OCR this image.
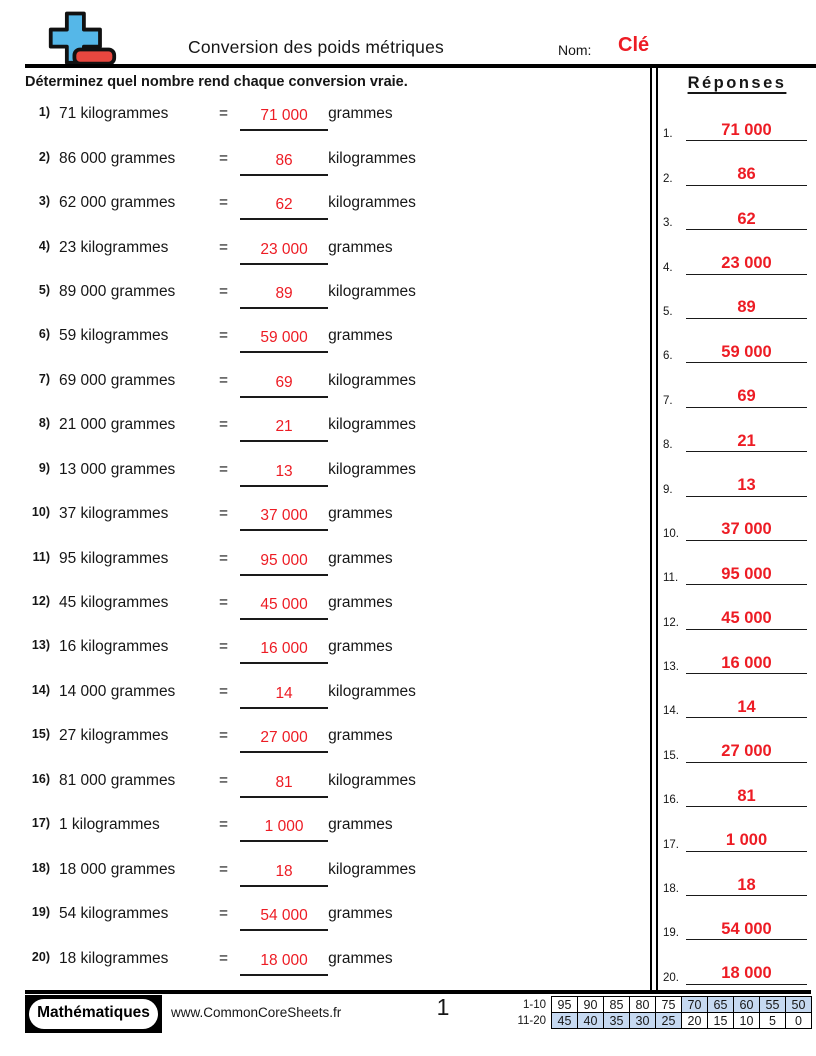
Conversion des poids métriques	Nom: Clé
Déterminez quel nombre rend chaque conversion vraie.
1) 71 kilogrammes	=	71 000	grammes
2) 86 000 grammes	=	86	kilogrammes
3) 62 000 grammes	=	62	kilogrammes
4) 23 kilogrammes	=	23 000	grammes
5) 89 000 grammes	=	89	kilogrammes
6) 59 kilogrammes	=	59 000	grammes
7) 69 000 grammes	=	69	kilogrammes
8) 21 000 grammes	=	21	kilogrammes
9) 13 000 grammes	=	13	kilogrammes
10) 37 kilogrammes	=	37 000	grammes
11) 95 kilogrammes	=	95 000	grammes
12) 45 kilogrammes	=	45 000	grammes
13) 16 kilogrammes	=	16 000	grammes
14) 14 000 grammes	=	14	kilogrammes
15) 27 kilogrammes	=	27 000	grammes
16) 81 000 grammes	=	81	kilogrammes
17) 1 kilogrammes	=	1 000	grammes
18) 18 000 grammes	=	18	kilogrammes
19) 54 kilogrammes	=	54 000	grammes
20) 18 kilogrammes	=	18 000	grammes
Réponses
1.	71 000
2.	86
3.	62
4.	23 000
5.	89
6.	59 000
7.	69
8.	21
9.	13
10.	37 000
11.	95 000
12.	45 000
13.	16 000
14.	14
15.	27 000
16.	81
17.	1 000
18.	18
19.	54 000
20.	18 000
Mathématiques	www.CommonCoreSheets.fr	1	1-10	95	90	85	80	75	70	65	60	55	50
11-20	45	40	35	30	25	20	15	10	5	0
